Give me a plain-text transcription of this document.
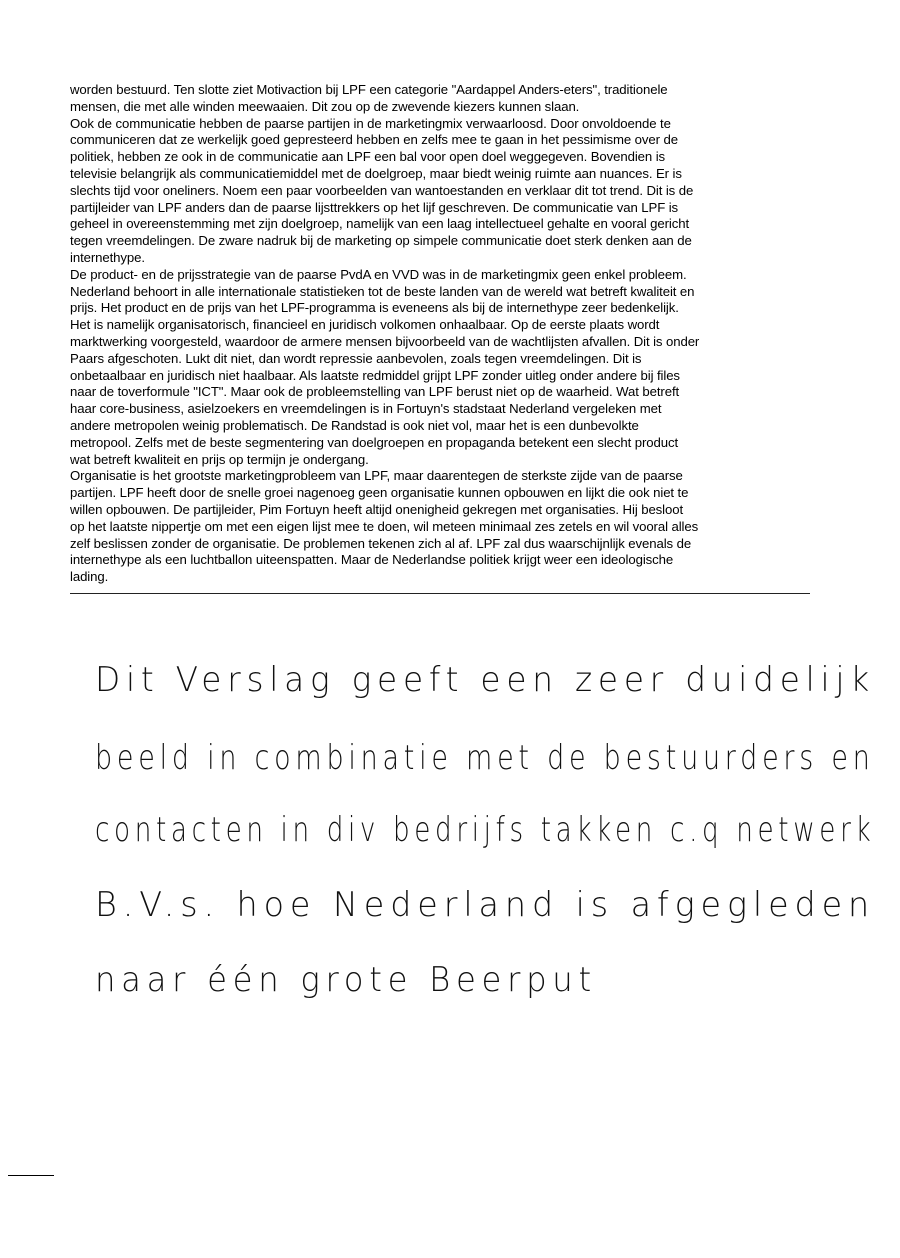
worden bestuurd. Ten slotte ziet Motivaction bij LPF een categorie "Aardappel Anders-eters", traditionele
mensen, die met alle winden meewaaien. Dit zou op de zwevende kiezers kunnen slaan.
Ook de communicatie hebben de paarse partijen in de marketingmix verwaarloosd. Door onvoldoende te
communiceren dat ze werkelijk goed gepresteerd hebben en zelfs mee te gaan in het pessimisme over de
politiek, hebben ze ook in de communicatie aan LPF een bal voor open doel weggegeven. Bovendien is
televisie belangrijk als communicatiemiddel met de doelgroep, maar biedt weinig ruimte aan nuances. Er is
slechts tijd voor oneliners. Noem een paar voorbeelden van wantoestanden en verklaar dit tot trend. Dit is de
partijleider van LPF anders dan de paarse lijsttrekkers op het lijf geschreven. De communicatie van LPF is
geheel in overeenstemming met zijn doelgroep, namelijk van een laag intellectueel gehalte en vooral gericht
tegen vreemdelingen. De zware nadruk bij de marketing op simpele communicatie doet sterk denken aan de
internethype.
De product- en de prijsstrategie van de paarse PvdA en VVD was in de marketingmix geen enkel probleem.
Nederland behoort in alle internationale statistieken tot de beste landen van de wereld wat betreft kwaliteit en
prijs. Het product en de prijs van het LPF-programma is eveneens als bij de internethype zeer bedenkelijk.
Het is namelijk organisatorisch, financieel en juridisch volkomen onhaalbaar. Op de eerste plaats wordt
marktwerking voorgesteld, waardoor de armere mensen bijvoorbeeld van de wachtlijsten afvallen. Dit is onder
Paars afgeschoten. Lukt dit niet, dan wordt repressie aanbevolen, zoals tegen vreemdelingen. Dit is
onbetaalbaar en juridisch niet haalbaar. Als laatste redmiddel grijpt LPF zonder uitleg onder andere bij files
naar de toverformule "ICT". Maar ook de probleemstelling van LPF berust niet op de waarheid. Wat betreft
haar core-business, asielzoekers en vreemdelingen is in Fortuyn's stadstaat Nederland vergeleken met
andere metropolen weinig problematisch. De Randstad is ook niet vol, maar het is een dunbevolkte
metropool. Zelfs met de beste segmentering van doelgroepen en propaganda betekent een slecht product
wat betreft kwaliteit en prijs op termijn je ondergang.
Organisatie is het grootste marketingprobleem van LPF, maar daarentegen de sterkste zijde van de paarse
partijen. LPF heeft door de snelle groei nagenoeg geen organisatie kunnen opbouwen en lijkt die ook niet te
willen opbouwen. De partijleider, Pim Fortuyn heeft altijd onenigheid gekregen met organisaties. Hij besloot
op het laatste nippertje om met een eigen lijst mee te doen, wil meteen minimaal zes zetels en wil vooral alles
zelf beslissen zonder de organisatie. De problemen tekenen zich al af. LPF zal dus waarschijnlijk evenals de
internethype als een luchtballon uiteenspatten. Maar de Nederlandse politiek krijgt weer een ideologische
lading.
Dit Verslag geeft een zeer duidelijk
beeld in combinatie met de bestuurders en
contacten in div bedrijfs takken c.q netwerk
B.V.s. hoe Nederland is afgegleden
naar één grote Beerput
